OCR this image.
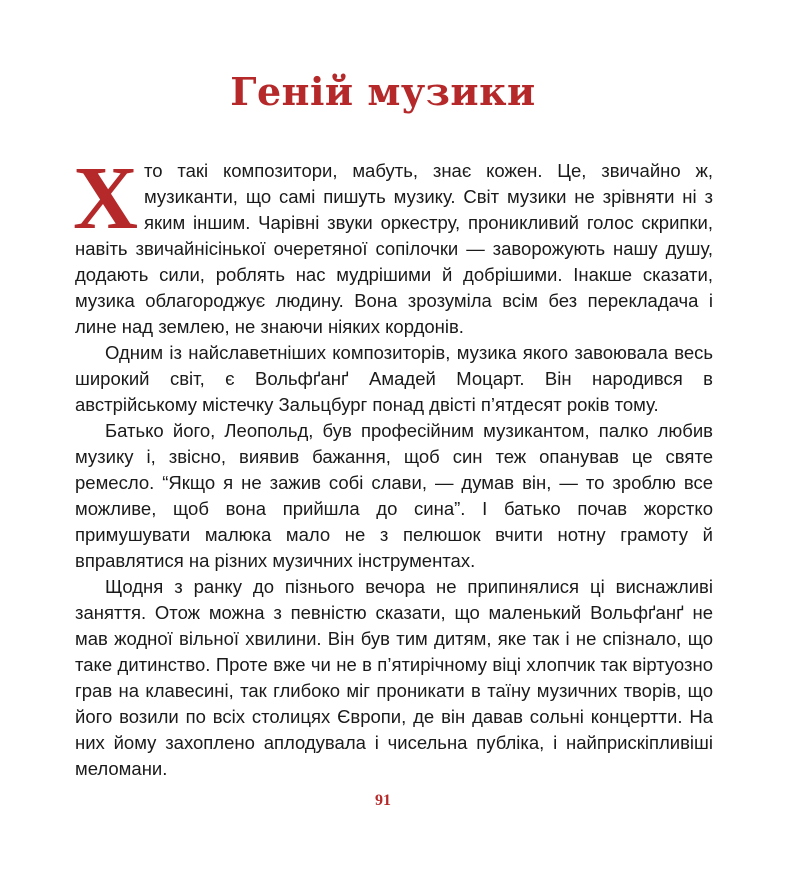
Геній музики

Хто такі композитори, мабуть, знає кожен. Це, звичайно ж, музиканти, що самі пишуть музику. Світ музики не зрівняти ні з яким іншим. Чарівні звуки оркестру, проникливий голос скрипки, навіть звичайнісінької очеретяної сопілочки — заворожують нашу душу, додають сили, роблять нас мудрішими й добрішими. Інакше сказати, музика облагороджує людину. Вона зрозуміла всім без перекладача і лине над землею, не знаючи ніяких кордонів.

Одним із найславетніших композиторів, музика якого завоювала весь широкий світ, є Вольфґанґ Амадей Моцарт. Він народився в австрійському містечку Зальцбург понад двісті п’ятдесят років тому.

Батько його, Леопольд, був професійним музикантом, палко любив музику і, звісно, виявив бажання, щоб син теж опанував це святе ремесло. “Якщо я не зажив собі слави, — думав він, — то зроблю все можливе, щоб вона прийшла до сина”. І батько почав жорстко примушувати малюка мало не з пелюшок вчити нотну грамоту й вправлятися на різних музичних інструментах.

Щодня з ранку до пізнього вечора не припинялися ці виснажливі заняття. Отож можна з певністю сказати, що маленький Вольфґанґ не мав жодної вільної хвилини. Він був тим дитям, яке так і не спізнало, що таке дитинство. Проте вже чи не в п’ятирічному віці хлопчик так віртуозно грав на клавесині, так глибоко міг проникати в таїну музичних творів, що його возили по всіх столицях Європи, де він давав сольні концертти. На них йому захоплено аплодувала і чисельна публіка, і найприскіпливіші меломани.

91
